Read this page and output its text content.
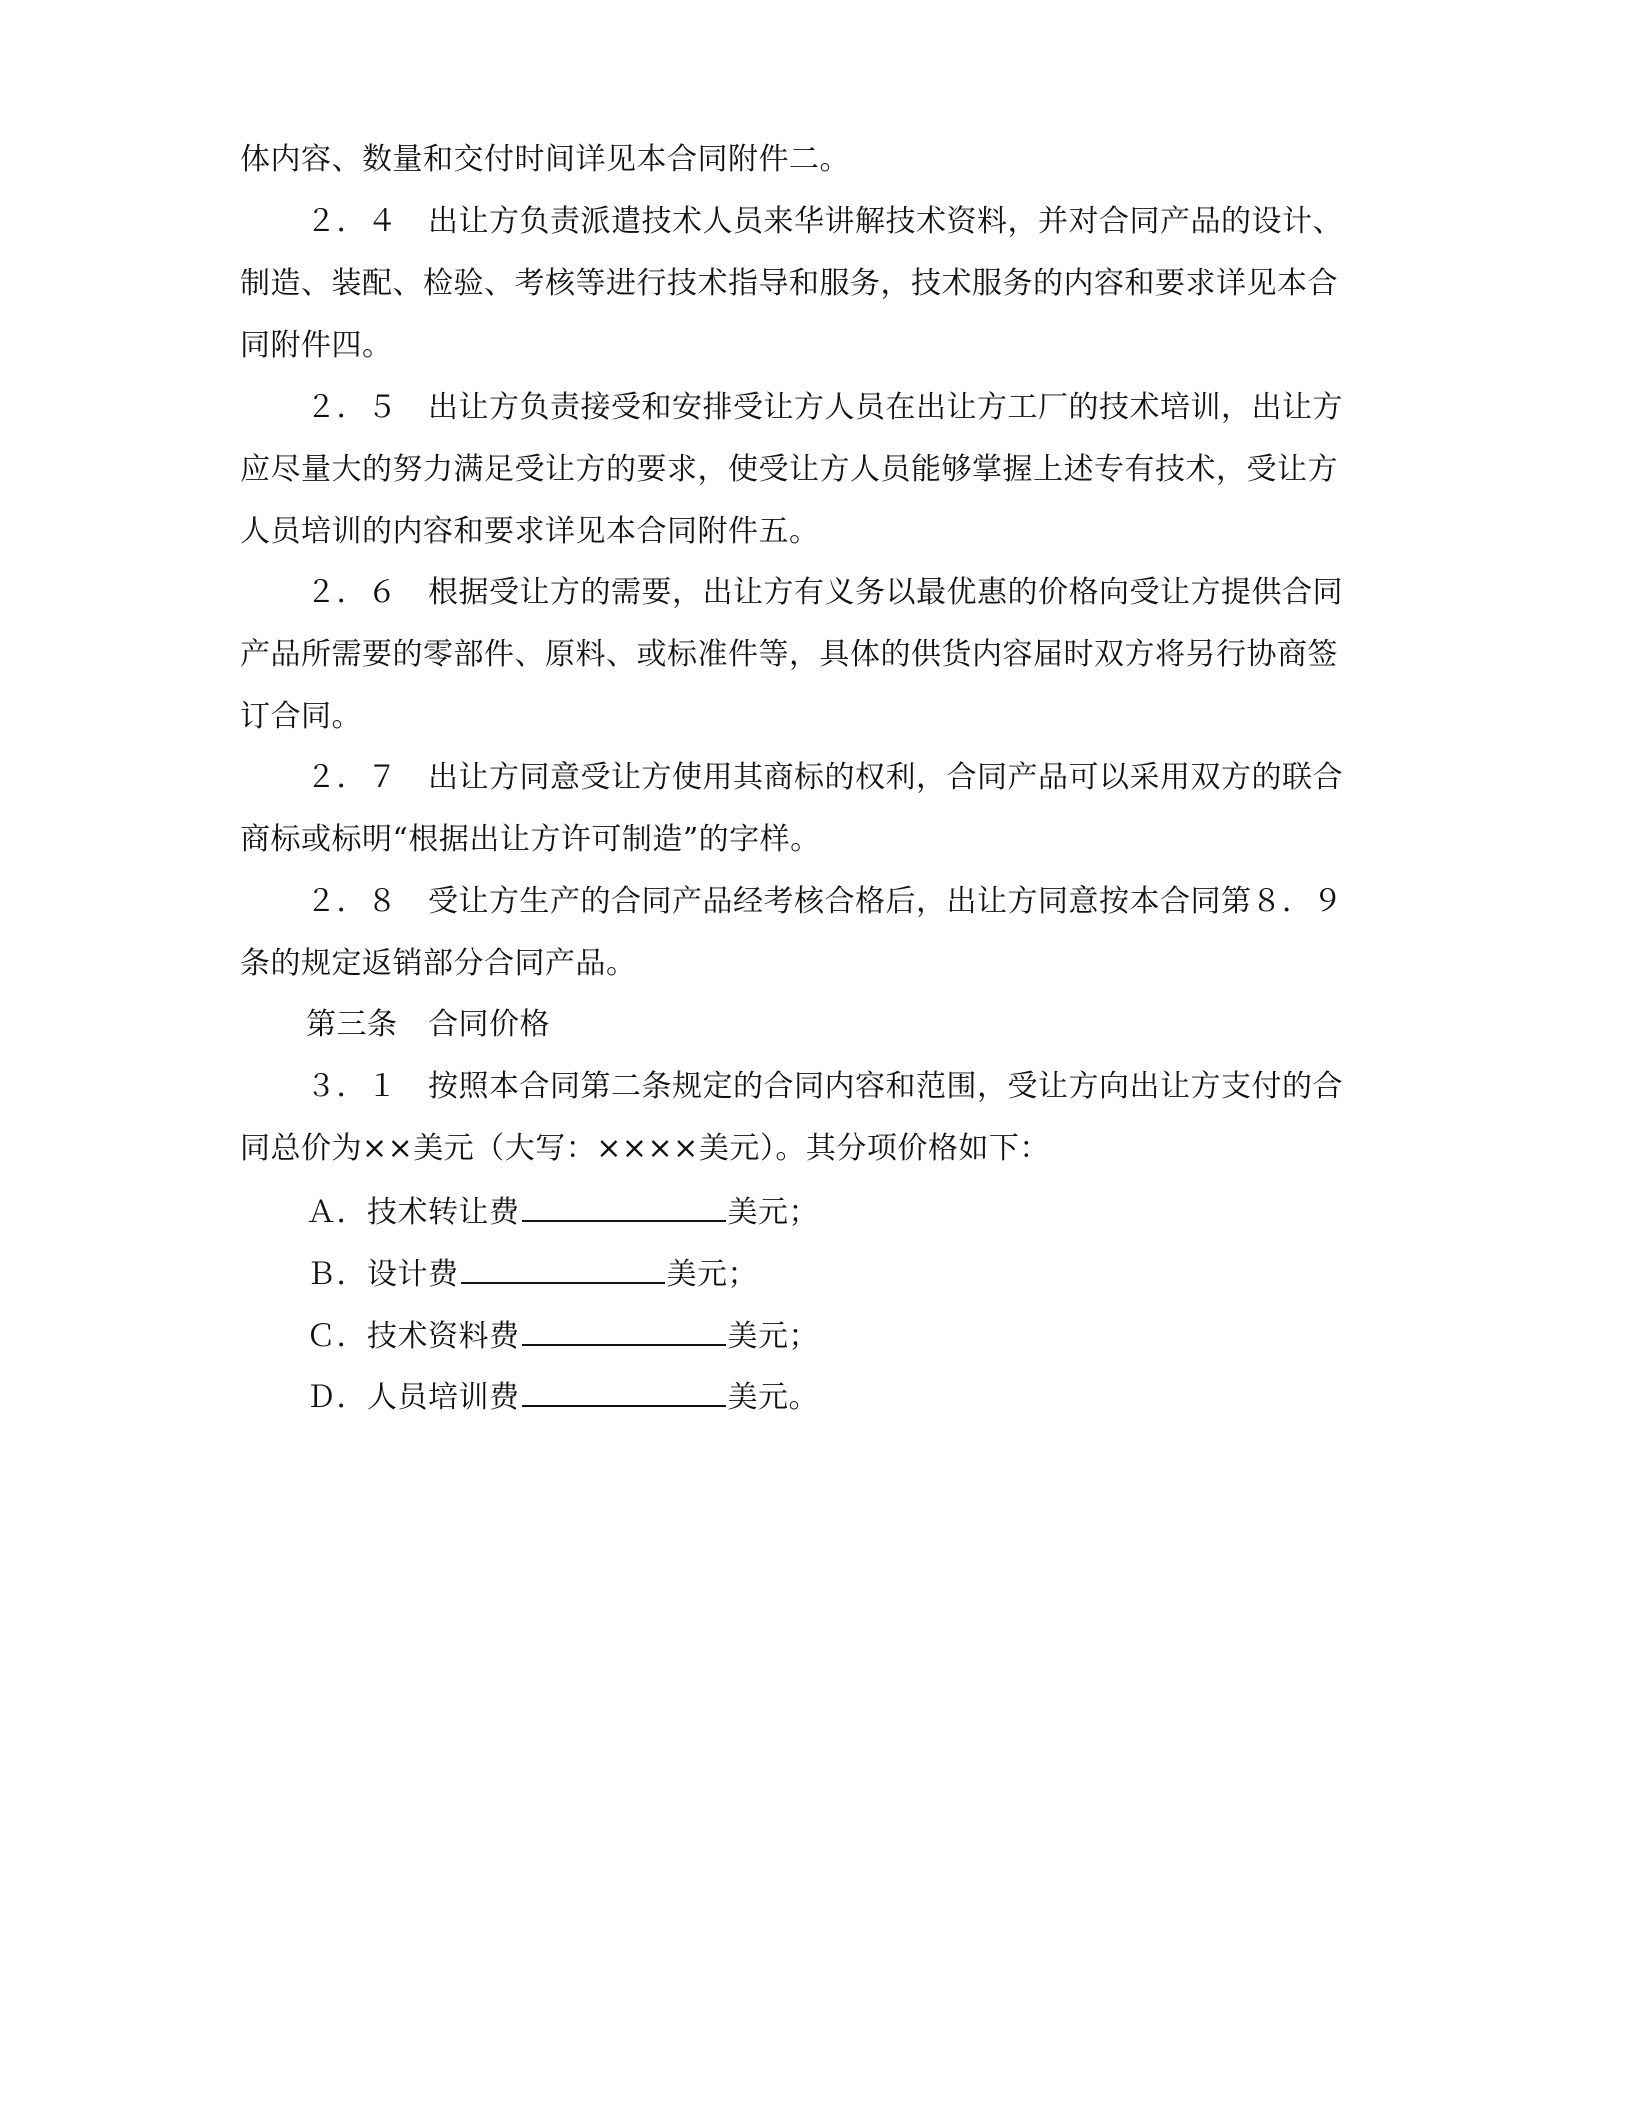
体内容、数量和交付时间详见本合同附件二。
２．４　出让方负责派遣技术人员来华讲解技术资料，并对合同产品的设计、
制造、装配、检验、考核等进行技术指导和服务，技术服务的内容和要求详见本合
同附件四。
２．５　出让方负责接受和安排受让方人员在出让方工厂的技术培训，出让方
应尽量大的努力满足受让方的要求，使受让方人员能够掌握上述专有技术，受让方
人员培训的内容和要求详见本合同附件五。
２．６　根据受让方的需要，出让方有义务以最优惠的价格向受让方提供合同
产品所需要的零部件、原料、或标准件等，具体的供货内容届时双方将另行协商签
订合同。
２．７　出让方同意受让方使用其商标的权利，合同产品可以采用双方的联合
商标或标明“根据出让方许可制造”的字样。
２．８　受让方生产的合同产品经考核合格后，出让方同意按本合同第８．９
条的规定返销部分合同产品。
第三条　合同价格
３．１　按照本合同第二条规定的合同内容和范围，受让方向出让方支付的合
同总价为××美元（大写：××××美元）。其分项价格如下：
Ａ．技术转让费	美元；
Ｂ．设计费	美元；
Ｃ．技术资料费	美元；
Ｄ．人员培训费	美元。
